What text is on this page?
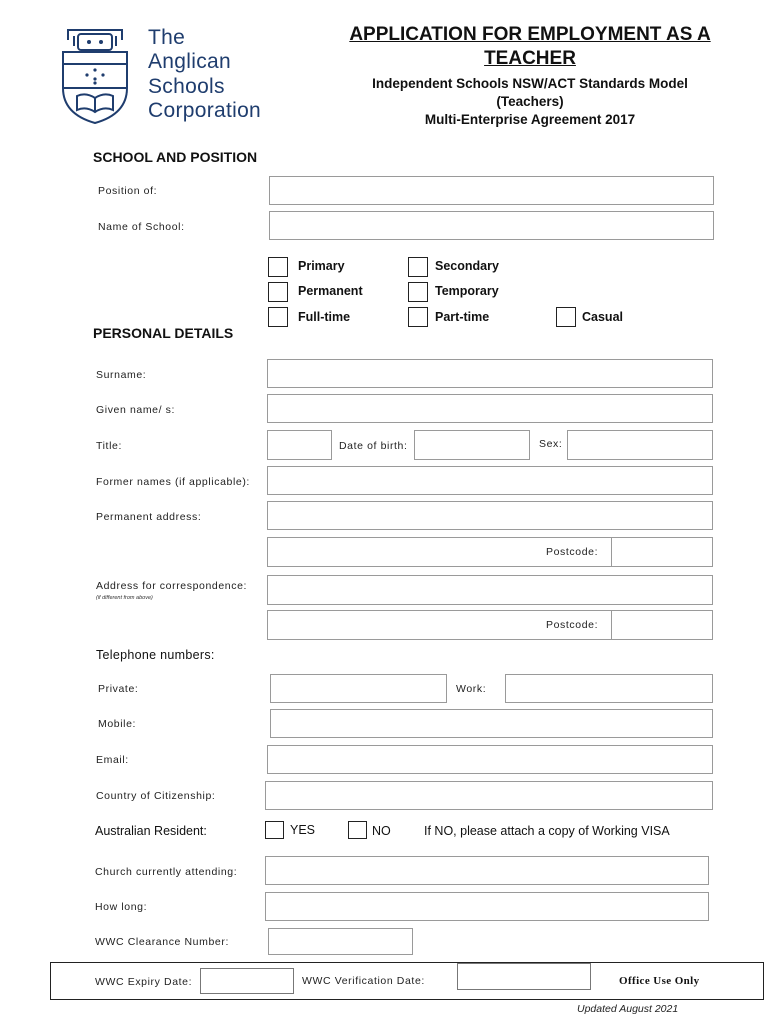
The
Anglican
Schools
Corporation
APPLICATION FOR EMPLOYMENT AS A
TEACHER
Independent Schools NSW/ACT Standards Model
(Teachers)
Multi-Enterprise Agreement 2017
SCHOOL AND POSITION
Position of:
Name of School:
Primary	Secondary
Permanent	Temporary
Full-time	Part-time	Casual
PERSONAL DETAILS
Surname:
Given name/ s:
Title:	Date of birth:	Sex:
Former names (if applicable):
Permanent address:
Postcode:
Address for correspondence:
(if different from above)
Postcode:
Telephone numbers:
Private:	Work:
Mobile:
Email:
Country of Citizenship:
Australian Resident:	YES	NO	If NO, please attach a copy of Working VISA
Church currently attending:
How long:
WWC Clearance Number:
WWC Expiry Date:	WWC Verification Date:	Office Use Only
Updated August 2021
